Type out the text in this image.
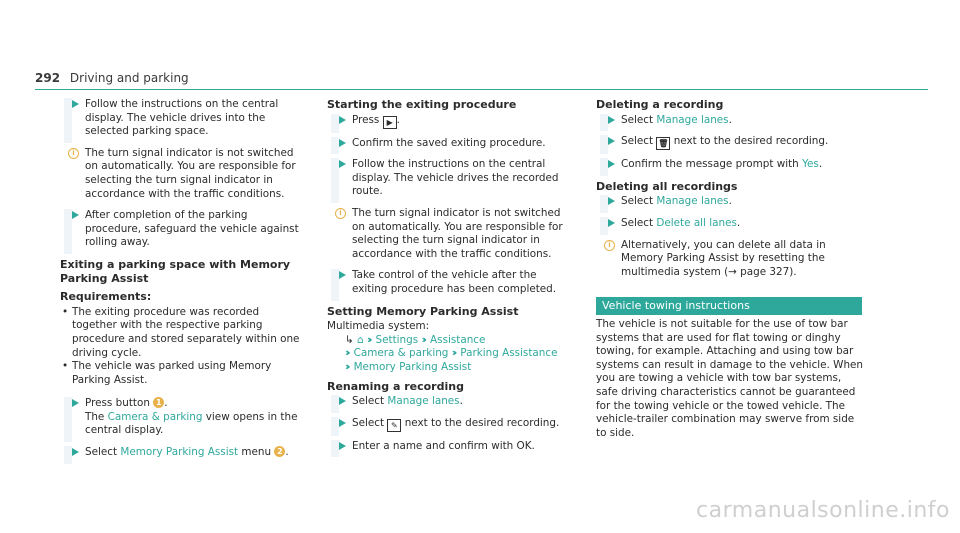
292 Driving and parking
Follow the instructions on the central display. The vehicle drives into the selected parking space.
i The turn signal indicator is not switched on automatically. You are responsible for selecting the turn signal indicator in accordance with the traffic conditions.
After completion of the parking procedure, safeguard the vehicle against rolling away.
Exiting a parking space with Memory Parking Assist
Requirements:
• The exiting procedure was recorded together with the respective parking procedure and stored separately within one driving cycle.
• The vehicle was parked using Memory Parking Assist.
Press button 1 .
The Camera & parking view opens in the central display.
Select Memory Parking Assist menu 2 .
Starting the exiting procedure
Press ▶ .
Confirm the saved exiting procedure.
Follow the instructions on the central display. The vehicle drives the recorded route.
i The turn signal indicator is not switched on automatically. You are responsible for selecting the turn signal indicator in accordance with the traffic conditions.
Take control of the vehicle after the exiting procedure has been completed.
Setting Memory Parking Assist
Multimedia system:
↳ ⌂ ›› Settings ›› Assistance
›› Camera & parking ›› Parking Assistance
›› Memory Parking Assist
Renaming a recording
Select Manage lanes.
Select ✎ next to the desired recording.
Enter a name and confirm with OK.
Deleting a recording
Select Manage lanes.
Select 🗑 next to the desired recording.
Confirm the message prompt with Yes.
Deleting all recordings
Select Manage lanes.
Select Delete all lanes.
i Alternatively, you can delete all data in Memory Parking Assist by resetting the multimedia system (→ page 327).
Vehicle towing instructions
The vehicle is not suitable for the use of tow bar systems that are used for flat towing or dinghy towing, for example. Attaching and using tow bar systems can result in damage to the vehicle. When you are towing a vehicle with tow bar systems, safe driving characteristics cannot be guaranteed for the towing vehicle or the towed vehicle. The vehicle-trailer combination may swerve from side to side.
carmanualsonline.info
